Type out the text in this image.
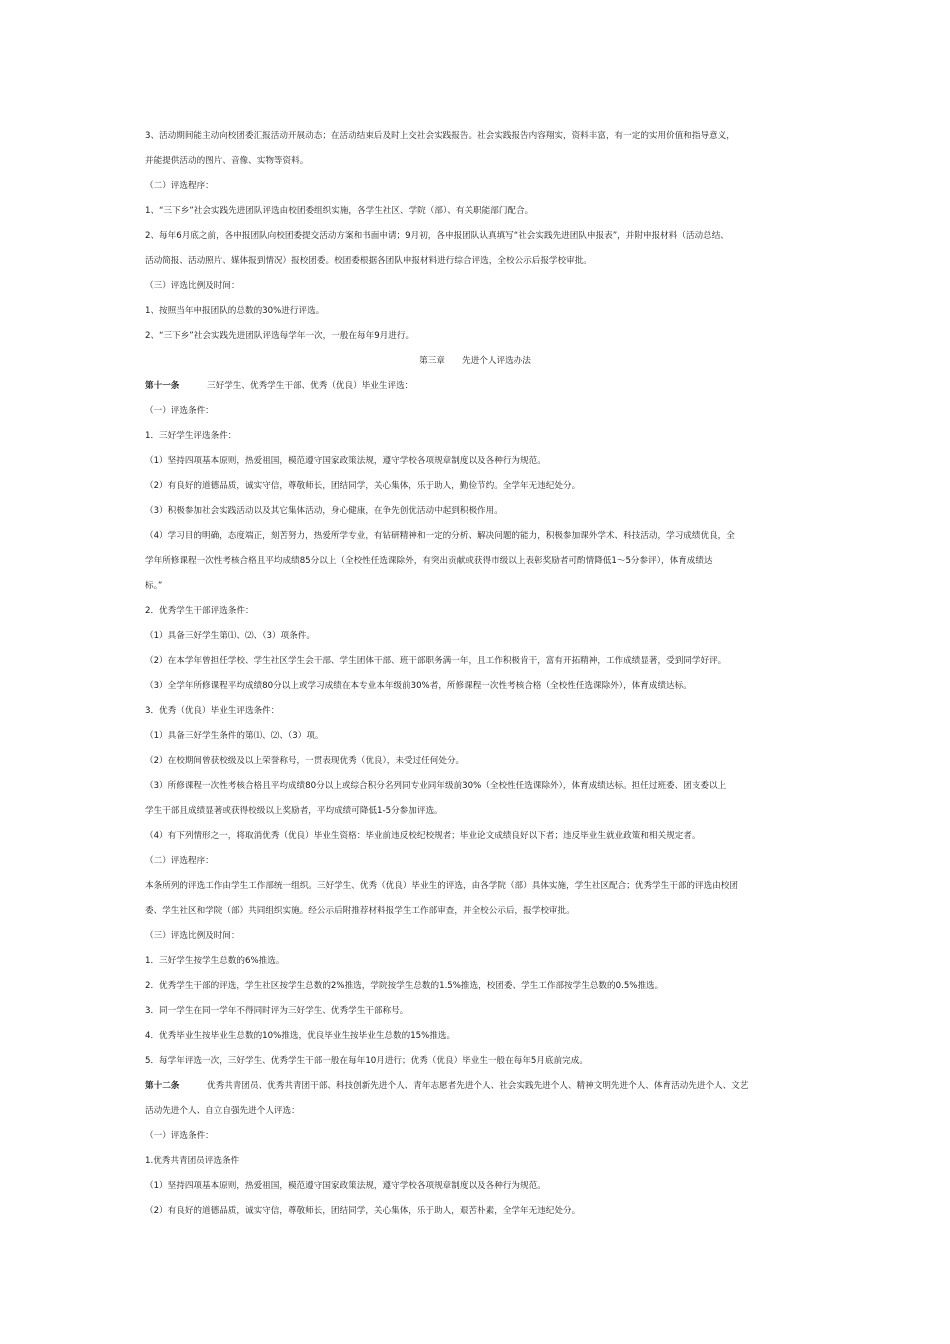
3、活动期间能主动向校团委汇报活动开展动态；在活动结束后及时上交社会实践报告。社会实践报告内容翔实，资料丰富，有一定的实用价值和指导意义，
并能提供活动的图片、音像、实物等资料。
（二）评选程序：
1、“三下乡”社会实践先进团队评选由校团委组织实施，各学生社区、学院（部）、有关职能部门配合。
2、每年6月底之前，各申报团队向校团委提交活动方案和书面申请；9月初，各申报团队认真填写“社会实践先进团队申报表”，并附申报材料（活动总结、
活动简报、活动照片、媒体报到情况）报校团委。校团委根据各团队申报材料进行综合评选，全校公示后报学校审批。
（三）评选比例及时间：
1、按照当年申报团队的总数的30%进行评选。
2、“三下乡”社会实践先进团队评选每学年一次，一般在每年9月进行。
第三章　　先进个人评选办法
第十一条	三好学生、优秀学生干部、优秀（优良）毕业生评选：
（一）评选条件：
1．三好学生评选条件：
（1）坚持四项基本原则，热爱祖国，模范遵守国家政策法规，遵守学校各项规章制度以及各种行为规范。
（2）有良好的道德品质，诚实守信，尊敬师长，团结同学，关心集体，乐于助人，勤俭节约。全学年无违纪处分。
（3）积极参加社会实践活动以及其它集体活动，身心健康，在争先创优活动中起到积极作用。
（4）学习目的明确，态度端正，刻苦努力，热爱所学专业，有钻研精神和一定的分析、解决问题的能力，积极参加课外学术、科技活动，学习成绩优良，全
学年所修课程一次性考核合格且平均成绩85分以上（全校性任选课除外，有突出贡献或获得市级以上表彰奖励者可酌情降低1～5分参评），体育成绩达
标。”
2．优秀学生干部评选条件：
（1）具备三好学生第⑴、⑵、（3）项条件。
（2）在本学年曾担任学校、学生社区学生会干部、学生团体干部、班干部职务满一年，且工作积极肯干，富有开拓精神，工作成绩显著，受到同学好评。
（3）全学年所修课程平均成绩80分以上或学习成绩在本专业本年级前30%者，所修课程一次性考核合格（全校性任选课除外），体育成绩达标。
3．优秀（优良）毕业生评选条件：
（1）具备三好学生条件的第⑴、⑵、（3）项。
（2）在校期间曾获校级及以上荣誉称号，一贯表现优秀（优良），未受过任何处分。
（3）所修课程一次性考核合格且平均成绩80分以上或综合积分名列同专业同年级前30%（全校性任选课除外），体育成绩达标。担任过班委、团支委以上
学生干部且成绩显著或获得校级以上奖励者，平均成绩可降低1-5分参加评选。
（4）有下列情形之一，将取消优秀（优良）毕业生资格：毕业前违反校纪校规者；毕业论文成绩良好以下者；违反毕业生就业政策和相关规定者。
（二）评选程序：
本条所列的评选工作由学生工作部统一组织。三好学生、优秀（优良）毕业生的评选，由各学院（部）具体实施，学生社区配合；优秀学生干部的评选由校团
委、学生社区和学院（部）共同组织实施。经公示后附推荐材料报学生工作部审查，并全校公示后，报学校审批。
（三）评选比例及时间：
1．三好学生按学生总数的6%推选。
2．优秀学生干部的评选，学生社区按学生总数的2%推选，学院按学生总数的1.5%推选，校团委、学生工作部按学生总数的0.5%推选。
3．同一学生在同一学年不得同时评为三好学生、优秀学生干部称号。
4．优秀毕业生按毕业生总数的10%推选，优良毕业生按毕业生总数的15%推选。
5．每学年评选一次，三好学生、优秀学生干部一般在每年10月进行；优秀（优良）毕业生一般在每年5月底前完成。
第十二条	优秀共青团员、优秀共青团干部、科技创新先进个人、青年志愿者先进个人、社会实践先进个人、精神文明先进个人、体育活动先进个人、文艺
活动先进个人、自立自强先进个人评选：
（一）评选条件：
1.优秀共青团员评选条件
（1）坚持四项基本原则，热爱祖国，模范遵守国家政策法规，遵守学校各项规章制度以及各种行为规范。
（2）有良好的道德品质，诚实守信，尊敬师长，团结同学，关心集体，乐于助人，艰苦朴素，全学年无违纪处分。
